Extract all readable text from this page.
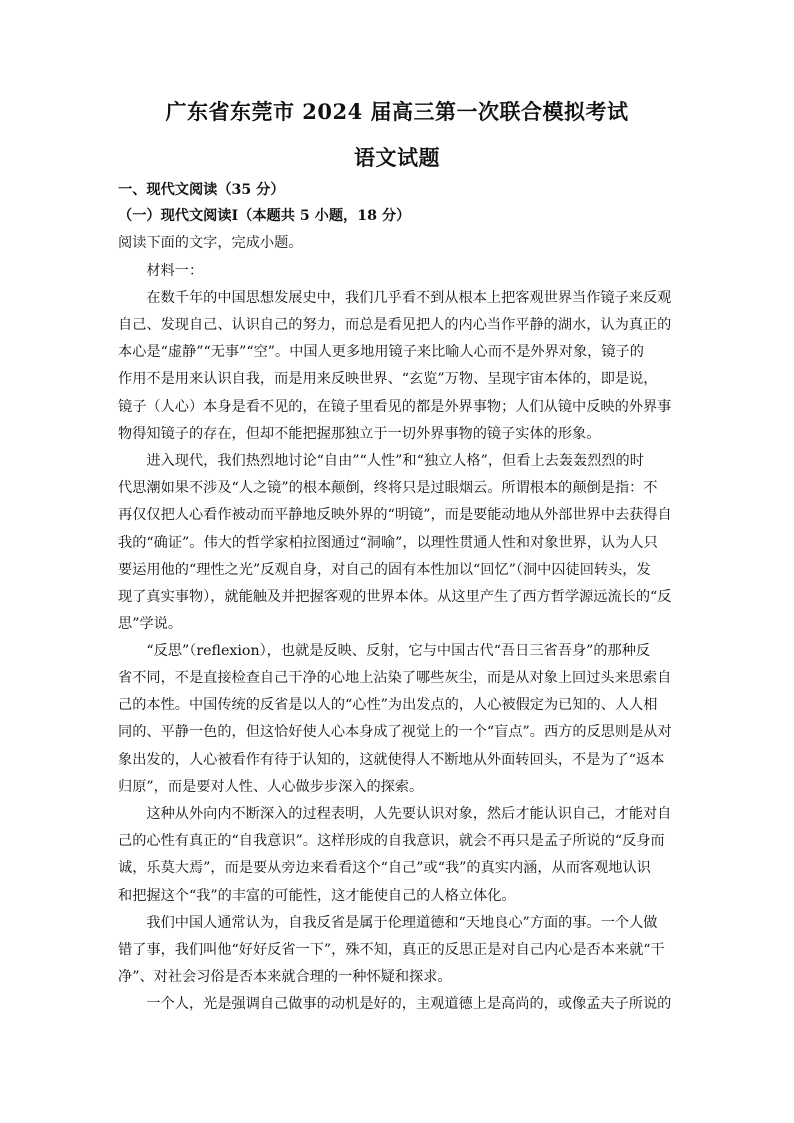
广东省东莞市 2024 届高三第一次联合模拟考试
语文试题
一、现代文阅读（35 分）
（一）现代文阅读Ⅰ（本题共 5 小题，18 分）
阅读下面的文字，完成小题。
　　材料一：
　　在数千年的中国思想发展史中，我们几乎看不到从根本上把客观世界当作镜子来反观
自己、发现自己、认识自己的努力，而总是看见把人的内心当作平静的湖水，认为真正的
本心是“虚静”“无事”“空”。中国人更多地用镜子来比喻人心而不是外界对象，镜子的
作用不是用来认识自我，而是用来反映世界、“玄览”万物、呈现宇宙本体的，即是说，
镜子（人心）本身是看不见的，在镜子里看见的都是外界事物；人们从镜中反映的外界事
物得知镜子的存在，但却不能把握那独立于一切外界事物的镜子实体的形象。
　　进入现代，我们热烈地讨论“自由”“人性”和“独立人格”，但看上去轰轰烈烈的时
代思潮如果不涉及“人之镜”的根本颠倒，终将只是过眼烟云。所谓根本的颠倒是指：不
再仅仅把人心看作被动而平静地反映外界的“明镜”，而是要能动地从外部世界中去获得自
我的“确证”。伟大的哲学家柏拉图通过“洞喻”，以理性贯通人性和对象世界，认为人只
要运用他的“理性之光”反观自身，对自己的固有本性加以“回忆”（洞中囚徒回转头，发
现了真实事物），就能触及并把握客观的世界本体。从这里产生了西方哲学源远流长的“反
思”学说。
　　“反思”（reflexion），也就是反映、反射，它与中国古代“吾日三省吾身”的那种反
省不同，不是直接检查自己干净的心地上沾染了哪些灰尘，而是从对象上回过头来思索自
己的本性。中国传统的反省是以人的“心性”为出发点的，人心被假定为已知的、人人相
同的、平静一色的，但这恰好使人心本身成了视觉上的一个“盲点”。西方的反思则是从对
象出发的，人心被看作有待于认知的，这就使得人不断地从外面转回头，不是为了“返本
归原”，而是要对人性、人心做步步深入的探索。
　　这种从外向内不断深入的过程表明，人先要认识对象，然后才能认识自己，才能对自
己的心性有真正的“自我意识”。这样形成的自我意识，就会不再只是孟子所说的“反身而
诚，乐莫大焉”，而是要从旁边来看看这个“自己”或“我”的真实内涵，从而客观地认识
和把握这个“我”的丰富的可能性，这才能使自己的人格立体化。
　　我们中国人通常认为，自我反省是属于伦理道德和“天地良心”方面的事。一个人做
错了事，我们叫他“好好反省一下”，殊不知，真正的反思正是对自己内心是否本来就“干
净”、对社会习俗是否本来就合理的一种怀疑和探求。
　　一个人，光是强调自己做事的动机是好的，主观道德上是高尚的，或像孟夫子所说的
